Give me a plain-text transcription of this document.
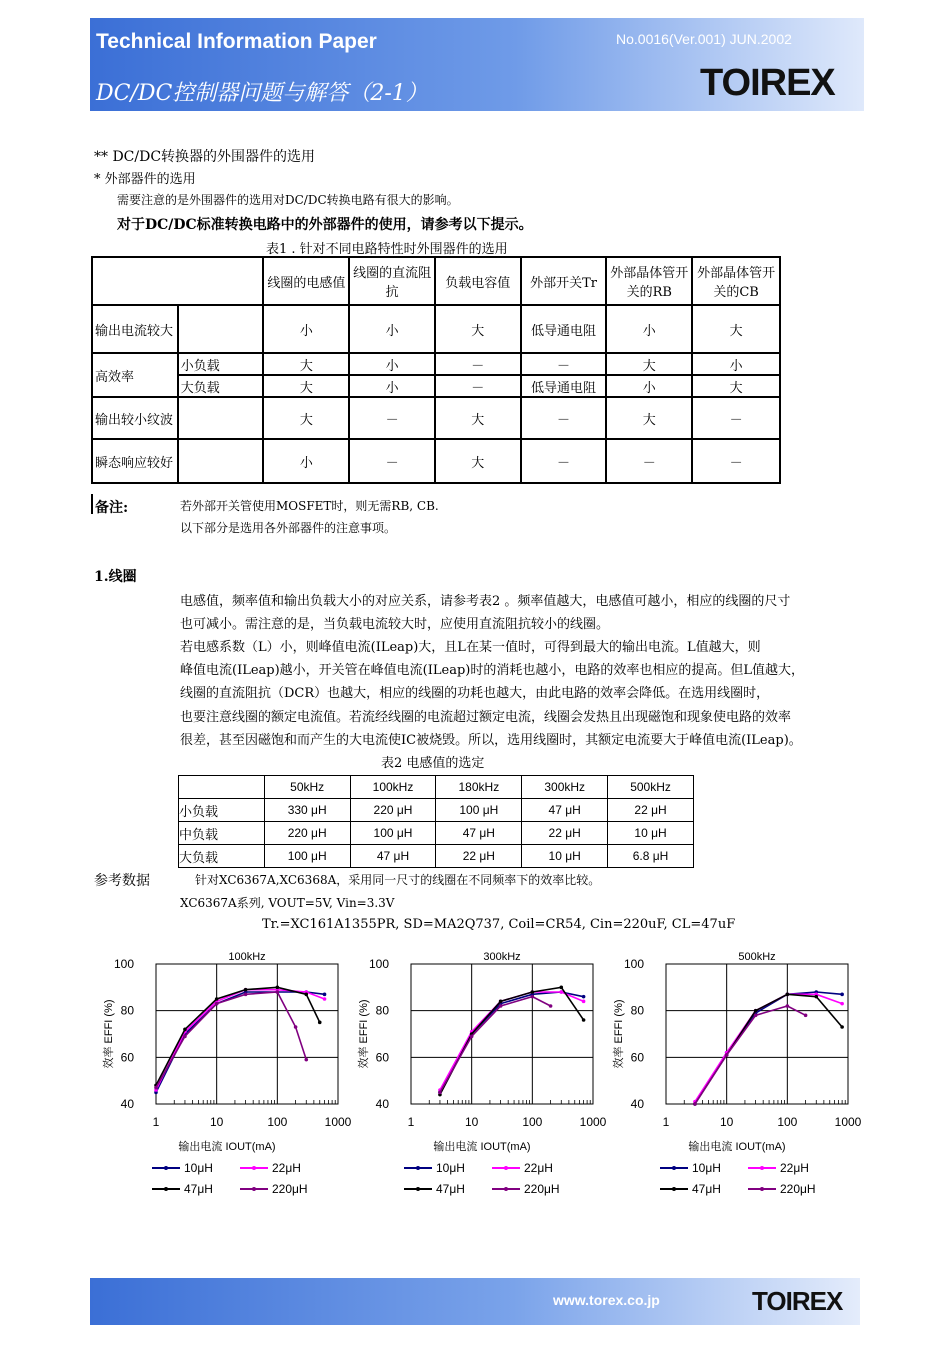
Technical Information Paper	No.0016(Ver.001) JUN.2002
DC/DC控制器问题与解答（2-1）	TOIREX
** DC/DC转换器的外围器件的选用
* 外部器件的选用
需要注意的是外围器件的选用对DC/DC转换电路有很大的影响。
对于DC/DC标准转换电路中的外部器件的使用，请参考以下提示。
表1 . 针对不同电路特性时外围器件的选用
		线圈的电感值	线圈的直流阻抗	负载电容值	外部开关Tr	外部晶体管开关的RB	外部晶体管开关的CB
输出电流较大		小	小	大	低导通电阻	小	大
高效率	小负载	大	小	－	－	大	小
	大负载	大	小	－	低导通电阻	小	大
输出较小纹波		大	－	大	－	大	－
瞬态响应较好		小	－	大	－	－	－
备注:	若外部开关管使用MOSFET时，则无需RB, CB.
以下部分是选用各外部器件的注意事项。
1.线圈
电感值，频率值和输出负载大小的对应关系，请参考表2 。频率值越大，电感值可越小，相应的线圈的尺寸
也可减小。需注意的是，当负载电流较大时，应使用直流阻抗较小的线圈。
若电感系数（L）小，则峰值电流(ILeap)大，且L在某一值时，可得到最大的输出电流。L值越大，则
峰值电流(ILeap)越小，开关管在峰值电流(ILeap)时的消耗也越小，电路的效率也相应的提高。但L值越大，
线圈的直流阻抗（DCR）也越大，相应的线圈的功耗也越大，由此电路的效率会降低。在选用线圈时，
也要注意线圈的额定电流值。若流经线圈的电流超过额定电流，线圈会发热且出现磁饱和现象使电路的效率
很差，甚至因磁饱和而产生的大电流使IC被烧毁。所以，选用线圈时，其额定电流要大于峰值电流(ILeap)。
表2 电感值的选定
	50kHz	100kHz	180kHz	300kHz	500kHz
小负载	330 μH	220 μH	100 μH	47 μH	22 μH
中负载	220 μH	100 μH	47 μH	22 μH	10 μH
大负载	100 μH	47 μH	22 μH	10 μH	6.8 μH
参考数据	针对XC6367A,XC6368A，采用同一尺寸的线圈在不同频率下的效率比较。
XC6367A系列, VOUT=5V, Vin=3.3V
Tr.=XC161A1355PR, SD=MA2Q737, Coil=CR54, Cin=220uF, CL=47uF
100kHz
100
80
60
40
1	10	100	1000
效率 EFFI (%)
输出电流 IOUT(mA)
300kHz
100
80
60
40
1	10	100	1000
效率 EFFI (%)
输出电流 IOUT(mA)
500kHz
100
80
60
40
1	10	100	1000
效率 EFFI (%)
输出电流 IOUT(mA)
10μH	22μH
47μH	220μH
10μH	22μH
47μH	220μH
10μH	22μH
47μH	220μH
www.torex.co.jp	TOIREX
